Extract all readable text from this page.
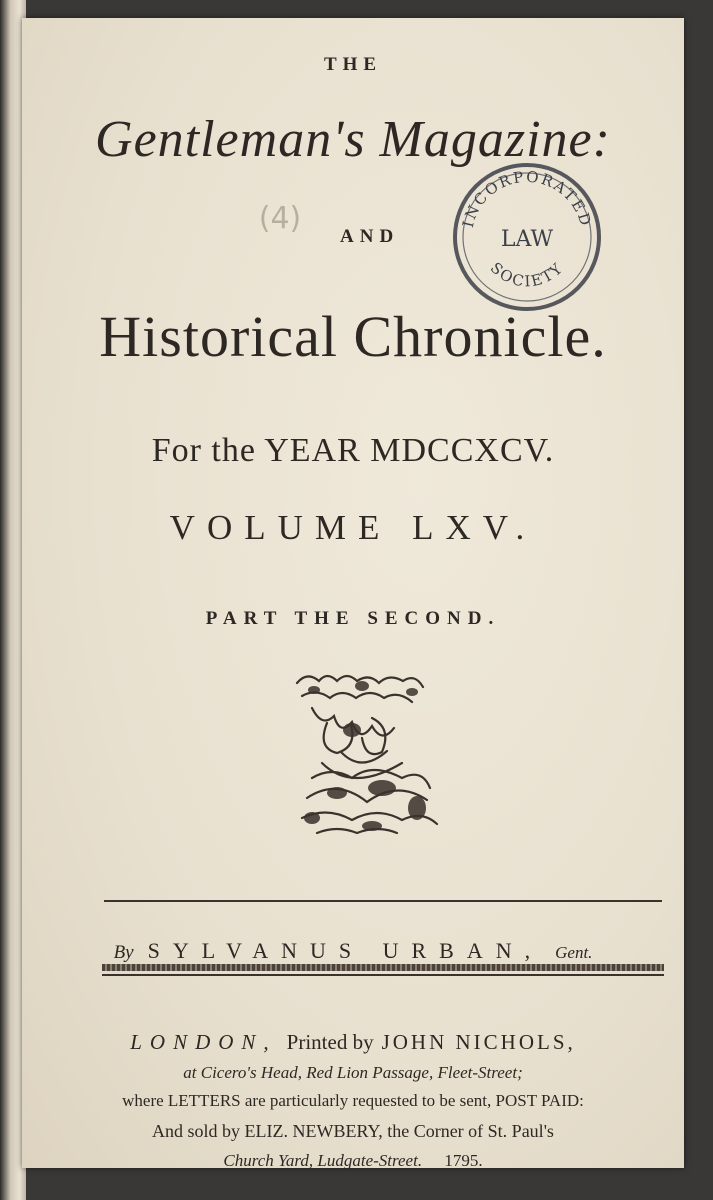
THE
Gentleman's Magazine:
AND
Historical Chronicle.
For the YEAR MDCCXCV.
VOLUME LXV.
PART THE SECOND.
(4)	INCORPORATED
LAW
SOCIETY
By SYLVANUS URBAN, Gent.
LONDON, Printed by JOHN NICHOLS,
at Cicero's Head, Red Lion Passage, Fleet-Street;
where LETTERS are particularly requested to be sent, POST PAID:
And sold by ELIZ. NEWBERY, the Corner of St. Paul's
Church Yard, Ludgate-Street. 1795.
